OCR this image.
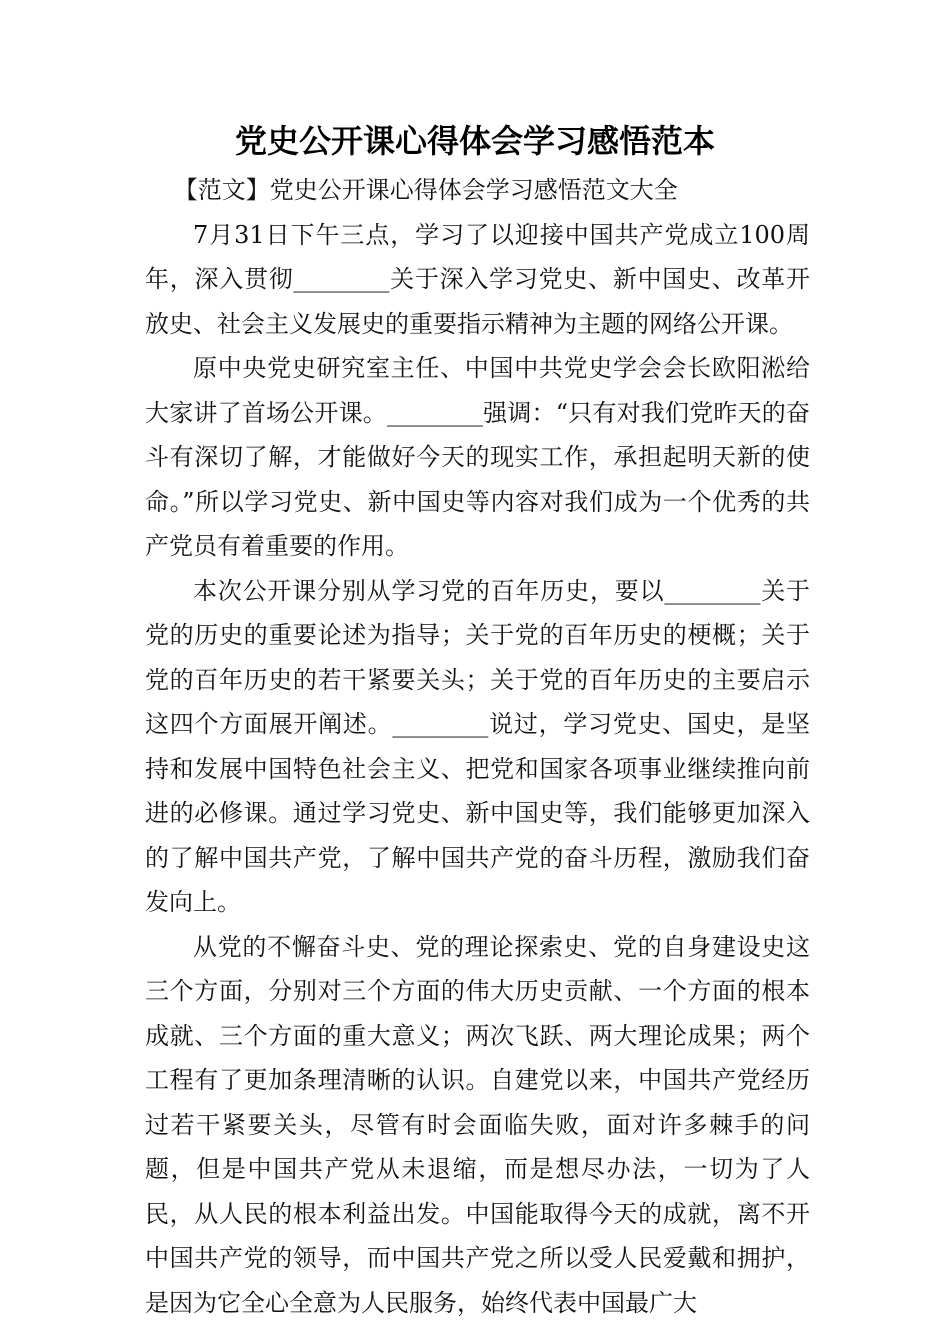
党史公开课心得体会学习感悟范本

【范文】党史公开课心得体会学习感悟范文大全

7月31日下午三点，学习了以迎接中国共产党成立100周年，深入贯彻________关于深入学习党史、新中国史、改革开放史、社会主义发展史的重要指示精神为主题的网络公开课。

原中央党史研究室主任、中国中共党史学会会长欧阳淞给大家讲了首场公开课。________强调：“只有对我们党昨天的奋斗有深切了解，才能做好今天的现实工作，承担起明天新的使命。”所以学习党史、新中国史等内容对我们成为一个优秀的共产党员有着重要的作用。

本次公开课分别从学习党的百年历史，要以________关于党的历史的重要论述为指导；关于党的百年历史的梗概；关于党的百年历史的若干紧要关头；关于党的百年历史的主要启示这四个方面展开阐述。________说过，学习党史、国史，是坚持和发展中国特色社会主义、把党和国家各项事业继续推向前进的必修课。通过学习党史、新中国史等，我们能够更加深入的了解中国共产党，了解中国共产党的奋斗历程，激励我们奋发向上。

从党的不懈奋斗史、党的理论探索史、党的自身建设史这三个方面，分别对三个方面的伟大历史贡献、一个方面的根本成就、三个方面的重大意义；两次飞跃、两大理论成果；两个工程有了更加条理清晰的认识。自建党以来，中国共产党经历过若干紧要关头，尽管有时会面临失败，面对许多棘手的问题，但是中国共产党从未退缩，而是想尽办法，一切为了人民，从人民的根本利益出发。中国能取得今天的成就，离不开中国共产党的领导，而中国共产党之所以受人民爱戴和拥护，是因为它全心全意为人民服务，始终代表中国最广大
